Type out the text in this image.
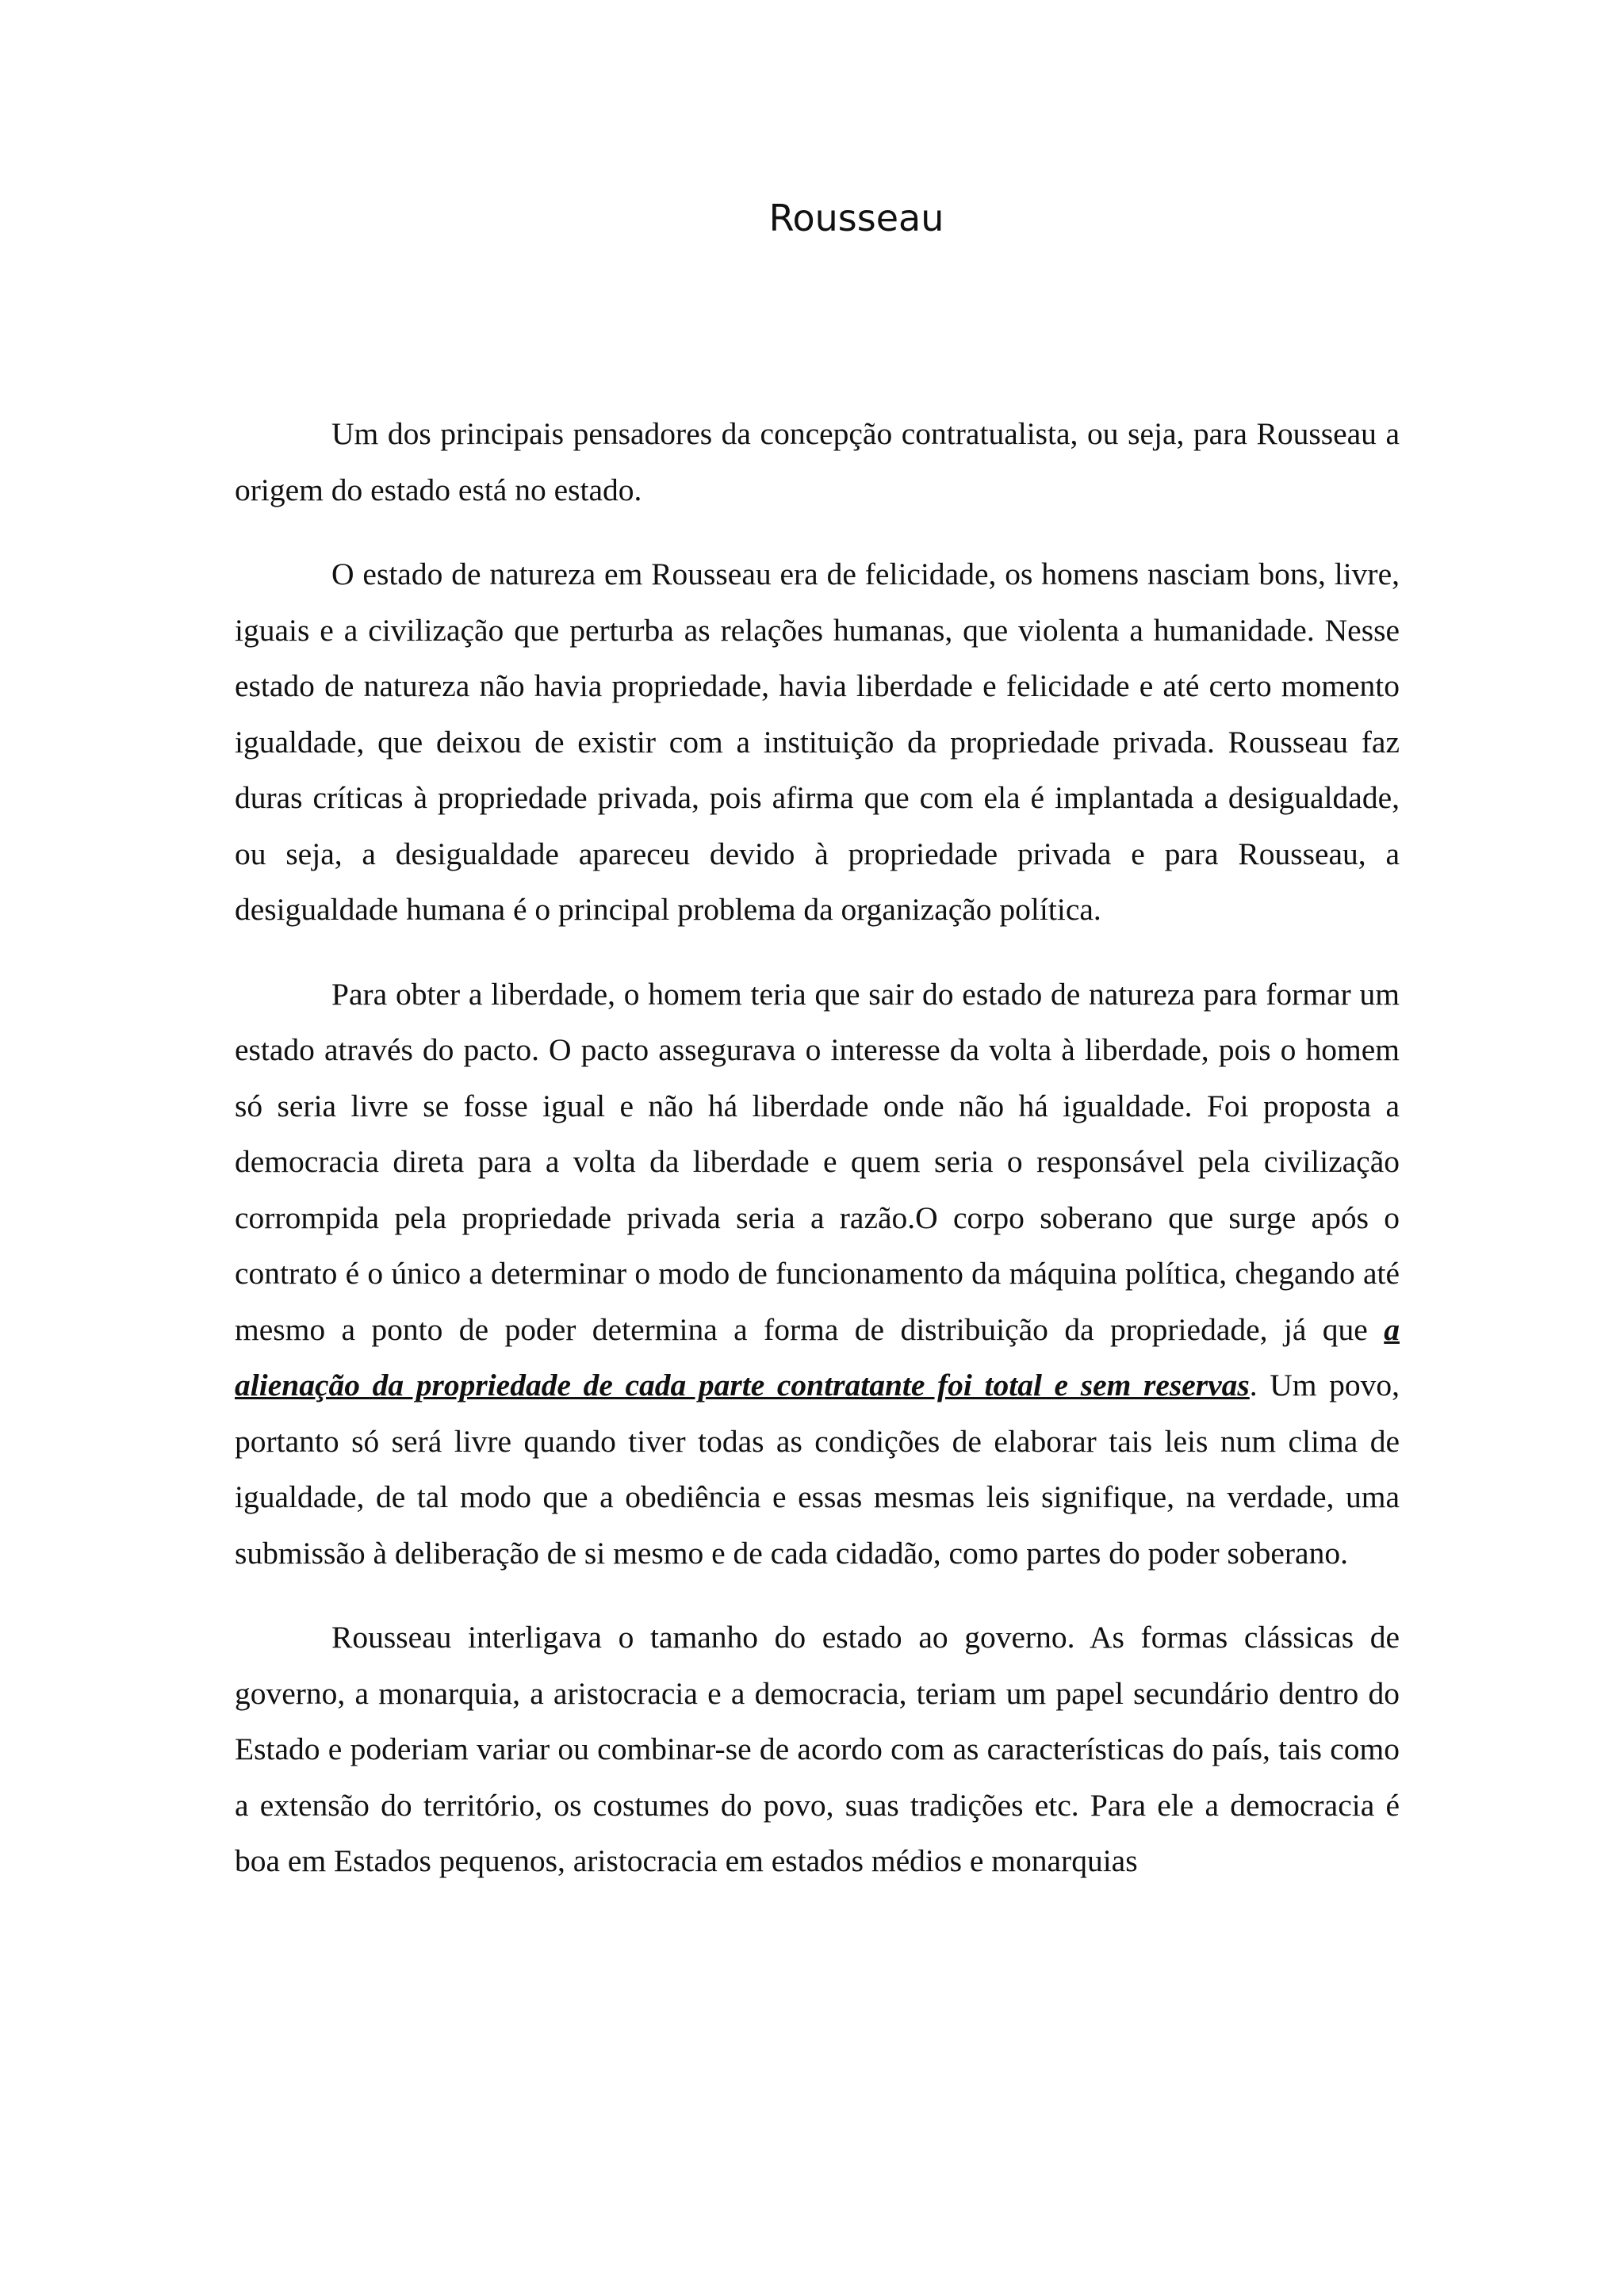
Rousseau

Um dos principais pensadores da concepção contratualista, ou seja, para Rousseau a origem do estado está no estado.

O estado de natureza em Rousseau era de felicidade, os homens nasciam bons, livre, iguais e a civilização que perturba as relações humanas, que violenta a humanidade. Nesse estado de natureza não havia propriedade, havia liberdade e felicidade e até certo momento igualdade, que deixou de existir com a instituição da propriedade privada. Rousseau faz duras críticas à propriedade privada, pois afirma que com ela é implantada a desigualdade, ou seja, a desigualdade apareceu devido à propriedade privada e para Rousseau, a desigualdade humana é o principal problema da organização política.

Para obter a liberdade, o homem teria que sair do estado de natureza para formar um estado através do pacto. O pacto assegurava o interesse da volta à liberdade, pois o homem só seria livre se fosse igual e não há liberdade onde não há igualdade. Foi proposta a democracia direta para a volta da liberdade e quem seria o responsável pela civilização corrompida pela propriedade privada seria a razão.O corpo soberano que surge após o contrato é o único a determinar o modo de funcionamento da máquina política, chegando até mesmo a ponto de poder determina a forma de distribuição da propriedade, já que a alienação da propriedade de cada parte contratante foi total e sem reservas. Um povo, portanto só será livre quando tiver todas as condições de elaborar tais leis num clima de igualdade, de tal modo que a obediência e essas mesmas leis signifique, na verdade, uma submissão à deliberação de si mesmo e de cada cidadão, como partes do poder soberano.

Rousseau interligava o tamanho do estado ao governo. As formas clássicas de governo, a monarquia, a aristocracia e a democracia, teriam um papel secundário dentro do Estado e poderiam variar ou combinar-se de acordo com as características do país, tais como a extensão do território, os costumes do povo, suas tradições etc. Para ele a democracia é boa em Estados pequenos, aristocracia em estados médios e monarquias
